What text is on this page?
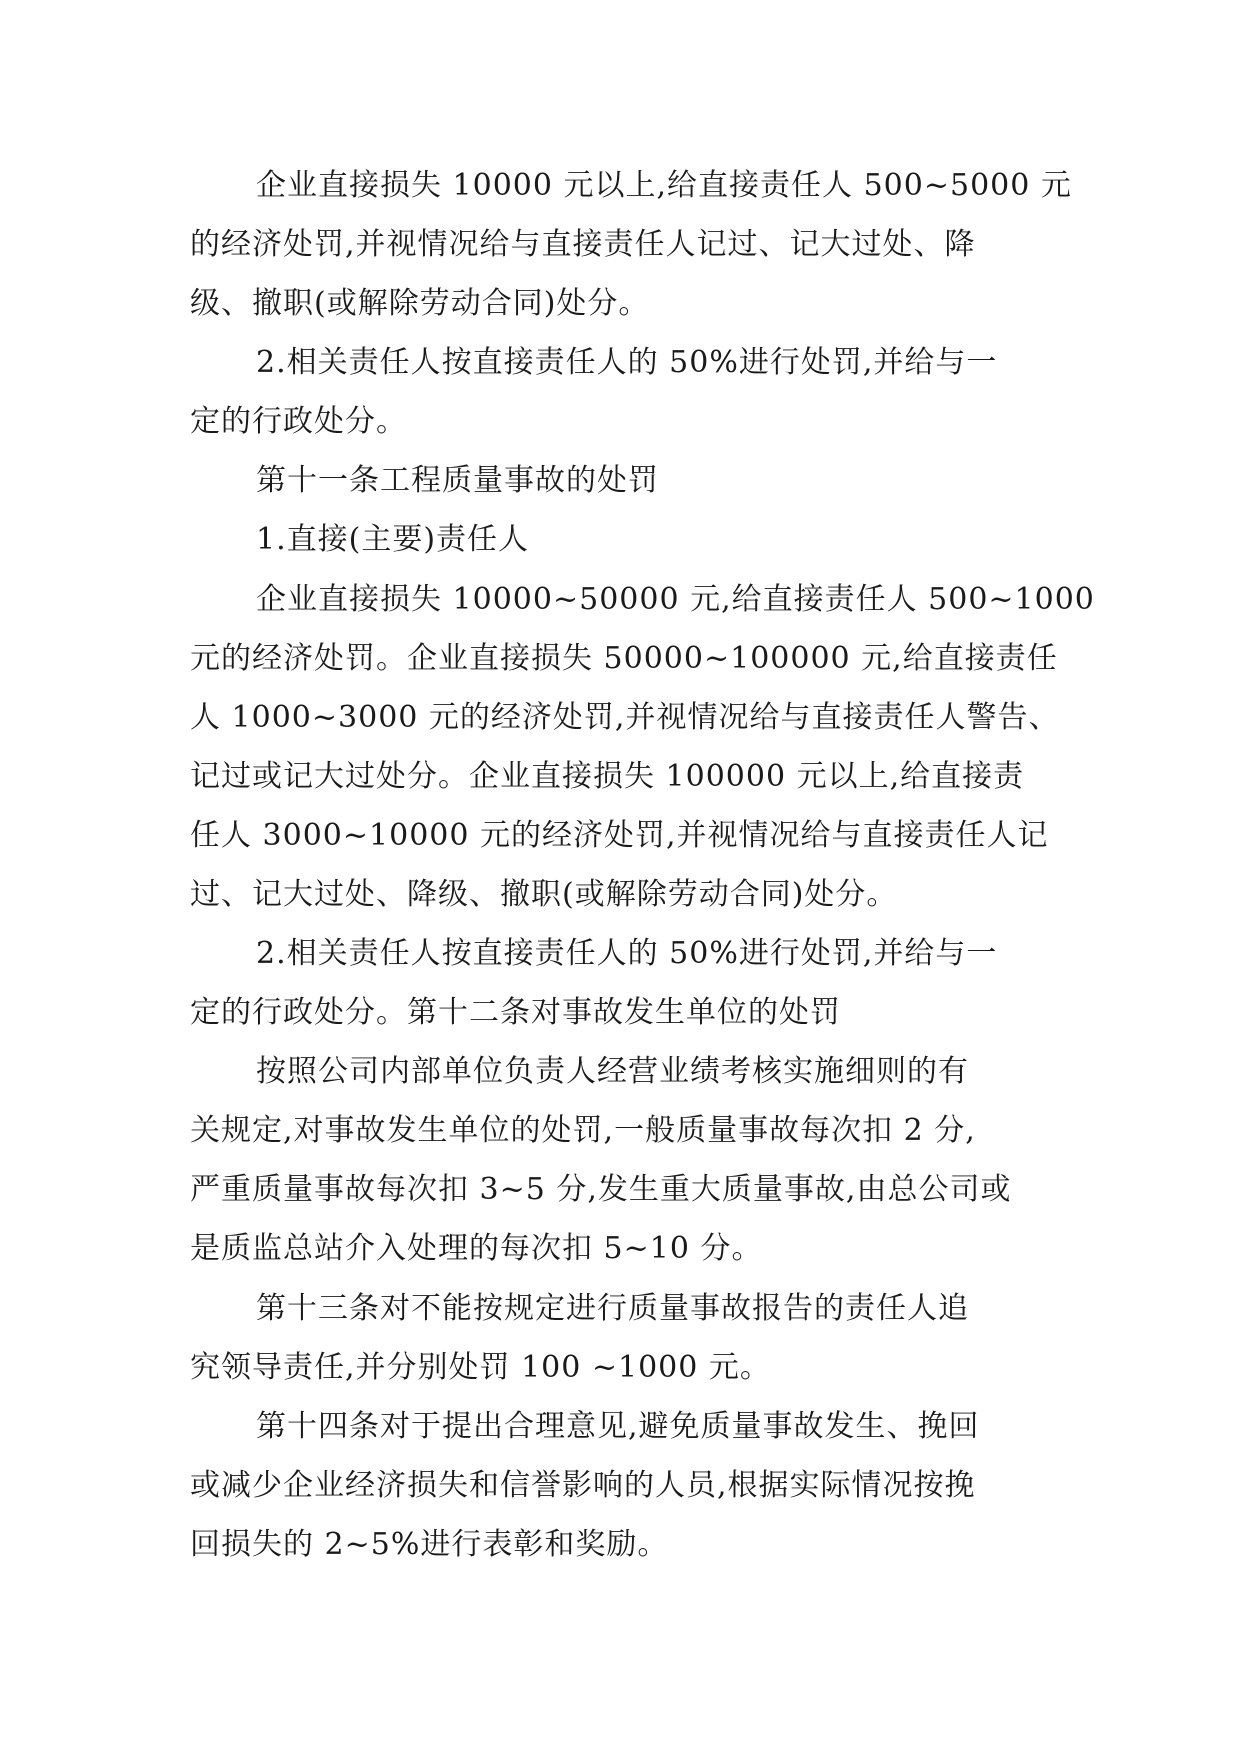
企业直接损失 10000 元以上,给直接责任人 500~5000 元
的经济处罚,并视情况给与直接责任人记过、记大过处、降
级、撤职(或解除劳动合同)处分。
2.相关责任人按直接责任人的 50%进行处罚,并给与一
定的行政处分。
第十一条工程质量事故的处罚
1.直接(主要)责任人
企业直接损失 10000~50000 元,给直接责任人 500~1000
元的经济处罚。企业直接损失 50000~100000 元,给直接责任
人 1000~3000 元的经济处罚,并视情况给与直接责任人警告、
记过或记大过处分。企业直接损失 100000 元以上,给直接责
任人 3000~10000 元的经济处罚,并视情况给与直接责任人记
过、记大过处、降级、撤职(或解除劳动合同)处分。
2.相关责任人按直接责任人的 50%进行处罚,并给与一
定的行政处分。第十二条对事故发生单位的处罚
按照公司内部单位负责人经营业绩考核实施细则的有
关规定,对事故发生单位的处罚,一般质量事故每次扣 2 分,
严重质量事故每次扣 3~5 分,发生重大质量事故,由总公司或
是质监总站介入处理的每次扣 5~10 分。
第十三条对不能按规定进行质量事故报告的责任人追
究领导责任,并分别处罚 100 ~1000 元。
第十四条对于提出合理意见,避免质量事故发生、挽回
或减少企业经济损失和信誉影响的人员,根据实际情况按挽
回损失的 2~5%进行表彰和奖励。
